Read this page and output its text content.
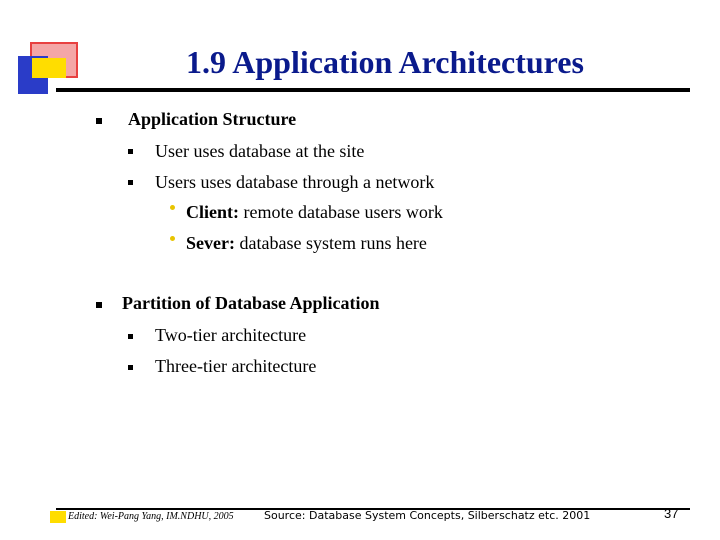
1.9 Application Architectures
Application Structure
User uses database at the site
Users uses database through a network
Client: remote database users work
Sever: database system runs here
Partition of Database Application
Two-tier architecture
Three-tier architecture
Edited: Wei-Pang Yang, IM.NDHU, 2005	Source: Database System Concepts, Silberschatz etc. 2001	37
